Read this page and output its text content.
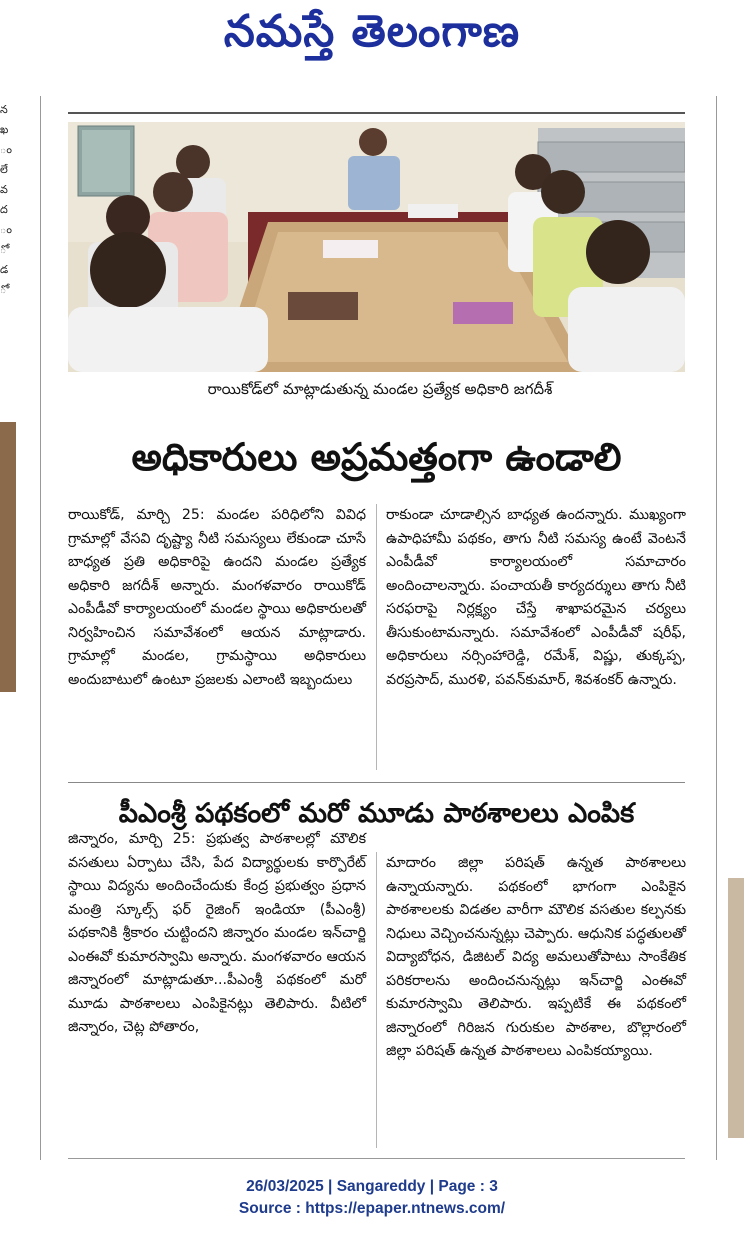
నమస్తే తెలంగాణ
న
ఖ
ం
లే
వ
ద
ం
ో
డ
ో

రాయికోడ్‌లో మాట్లాడుతున్న మండల ప్రత్యేక అధికారి జగదీశ్
అధికారులు అప్రమత్తంగా ఉండాలి
రాయికోడ్, మార్చి 25: మండల పరిధిలోని వివిధ గ్రామాల్లో వేసవి దృష్ట్యా నీటి సమస్యలు లేకుండా చూసే బాధ్యత ప్రతి అధికారిపై ఉందని మండల ప్రత్యేక అధికారి జగదీశ్ అన్నారు. మంగళవారం రాయికోడ్ ఎంపీడీవో కార్యాలయంలో మండల స్థాయి అధికారులతో నిర్వహించిన సమావేశంలో ఆయన మాట్లాడారు. గ్రామాల్లో మండల, గ్రామస్థాయి అధికారులు అందుబాటులో ఉంటూ ప్రజలకు ఎలాంటి ఇబ్బందులు
రాకుండా చూడాల్సిన బాధ్యత ఉందన్నారు. ముఖ్యంగా ఉపాధిహామీ పథకం, తాగు నీటి సమస్య ఉంటే వెంటనే ఎంపీడీవో కార్యాలయంలో సమాచారం అందించాలన్నారు. పంచాయతీ కార్యదర్శులు తాగు నీటి సరఫరాపై నిర్లక్ష్యం చేస్తే శాఖాపరమైన చర్యలు తీసుకుంటామన్నారు. సమావేశంలో ఎంపీడీవో షరీఫ్, అధికారులు నర్సింహారెడ్డి, రమేశ్, విష్ణు, తుక్కప్ప, వరప్రసాద్, మురళి, పవన్‌కుమార్, శివశంకర్ ఉన్నారు.
పీఎంశ్రీ పథకంలో మరో మూడు పాఠశాలలు ఎంపిక
జిన్నారం, మార్చి 25: ప్రభుత్వ పాఠశాలల్లో మౌలిక వసతులు ఏర్పాటు చేసి, పేద విద్యార్థులకు కార్పొరేట్ స్థాయి విద్యను అందించేందుకు కేంద్ర ప్రభుత్వం ప్రధాన మంత్రి స్కూల్స్ ఫర్ రైజింగ్ ఇండియా (పీఎంశ్రీ) పథకానికి శ్రీకారం చుట్టిందని జిన్నారం మండల ఇన్‌చార్జి ఎంఈవో కుమారస్వామి అన్నారు. మంగళవారం ఆయన జిన్నారంలో మాట్లాడుతూ...పీఎంశ్రీ పథకంలో మరో మూడు పాఠశాలలు ఎంపికైనట్లు తెలిపారు. వీటిలో జిన్నారం, చెట్ల పోతారం,
మాదారం జిల్లా పరిషత్ ఉన్నత పాఠశాలలు ఉన్నాయన్నారు. పథకంలో భాగంగా ఎంపికైన పాఠశాలలకు విడతల వారీగా మౌలిక వసతుల కల్పనకు నిధులు వెచ్చించనున్నట్లు చెప్పారు. ఆధునిక పద్ధతులతో విద్యాబోధన, డిజిటల్ విద్య అమలుతోపాటు సాంకేతిక పరికరాలను అందించనున్నట్లు ఇన్‌చార్జి ఎంఈవో కుమారస్వామి తెలిపారు. ఇప్పటికే ఈ పథకంలో జిన్నారంలో గిరిజన గురుకుల పాఠశాల, బొల్లారంలో జిల్లా పరిషత్ ఉన్నత పాఠశాలలు ఎంపికయ్యాయి.
26/03/2025 | Sangareddy | Page : 3
Source : https://epaper.ntnews.com/
